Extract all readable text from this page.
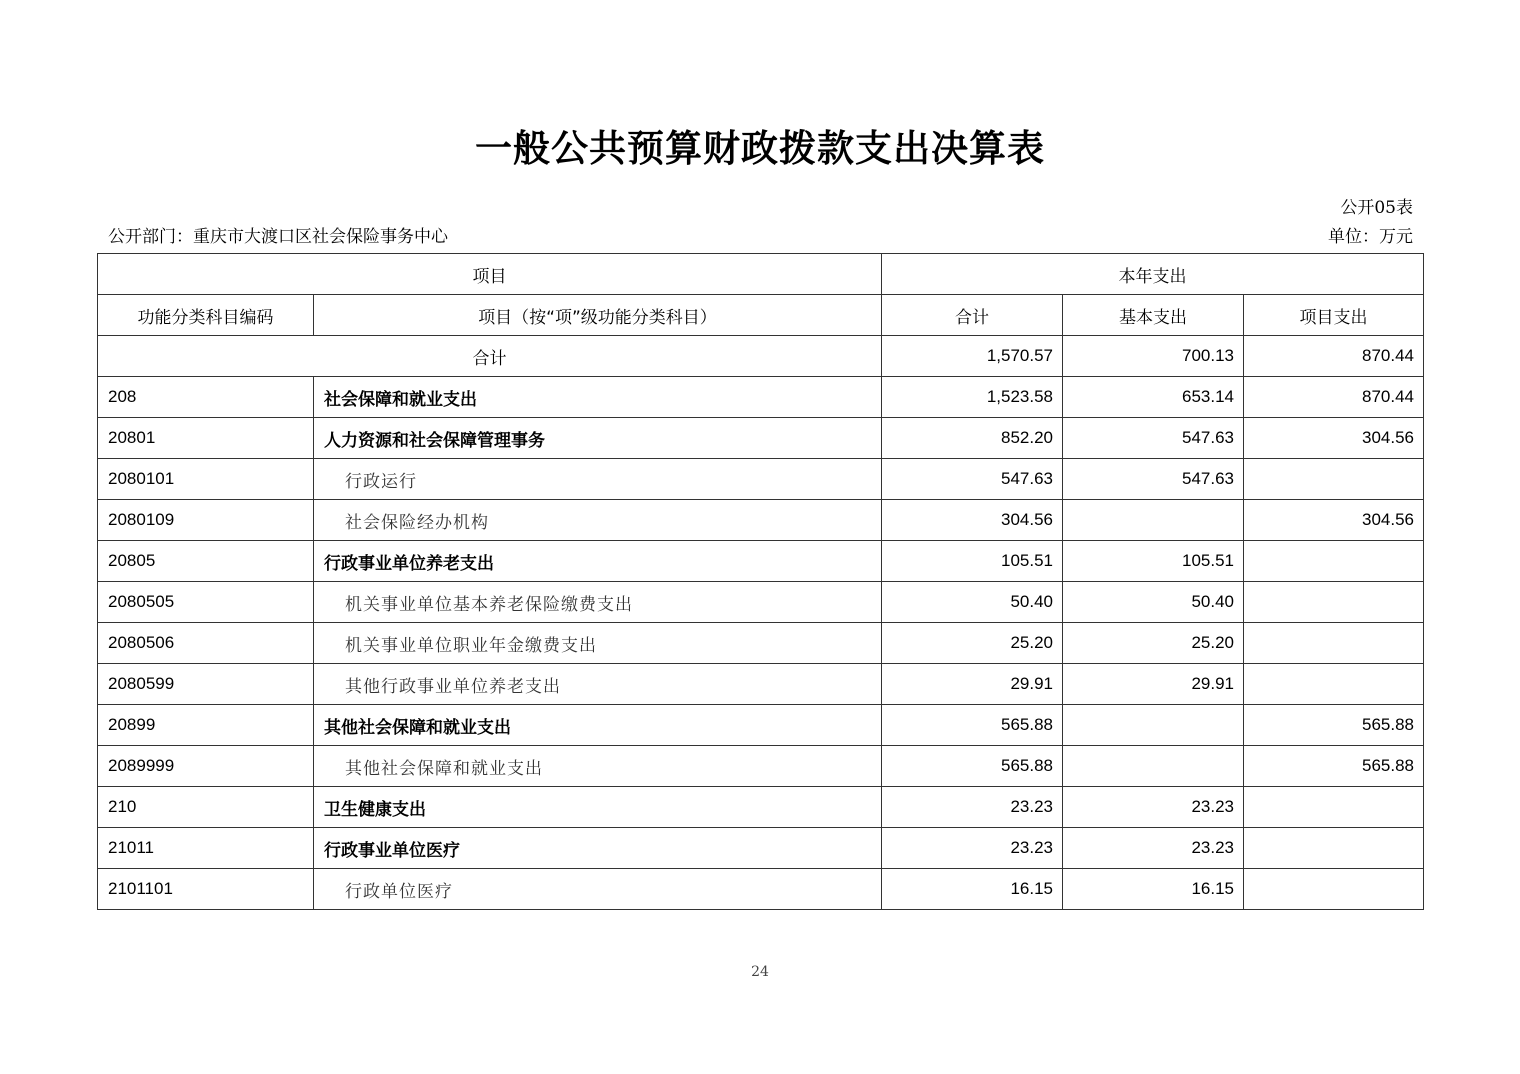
一般公共预算财政拨款支出决算表
公开05表
公开部门：重庆市大渡口区社会保险事务中心	单位：万元
项目		本年支出		
功能分类科目编码	项目（按“项”级功能分类科目）	合计	基本支出	项目支出
合计		1,570.57	700.13	870.44
208	社会保障和就业支出	1,523.58	653.14	870.44
20801	人力资源和社会保障管理事务	852.20	547.63	304.56
2080101	行政运行	547.63	547.63	
2080109	社会保险经办机构	304.56		304.56
20805	行政事业单位养老支出	105.51	105.51	
2080505	机关事业单位基本养老保险缴费支出	50.40	50.40	
2080506	机关事业单位职业年金缴费支出	25.20	25.20	
2080599	其他行政事业单位养老支出	29.91	29.91	
20899	其他社会保障和就业支出	565.88		565.88
2089999	其他社会保障和就业支出	565.88		565.88
210	卫生健康支出	23.23	23.23	
21011	行政事业单位医疗	23.23	23.23	
2101101	行政单位医疗	16.15	16.15	
24
